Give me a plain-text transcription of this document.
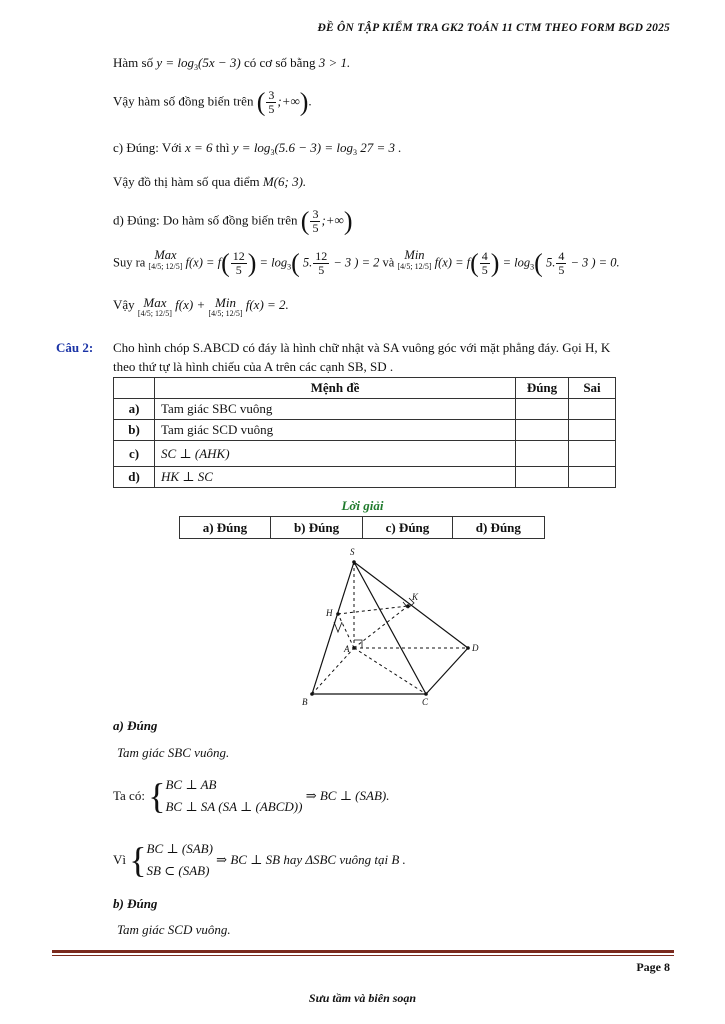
ĐỀ ÔN TẬP KIỂM TRA GK2 TOÁN 11 CTM THEO FORM BGD 2025
Hàm số $y = \log_3(5x - 3)$ có cơ số bằng 3 > 1.
Vậy hàm số đồng biến trên ( $\frac{3}{5}$ ;+∞).
c) Đúng: Với x = 6 thì $y = \log_3(5.6 - 3) = \log_3 27 = 3$ .
Vậy đồ thị hàm số qua điểm M(6; 3).
d) Đúng: Do hàm số đồng biến trên ( $\frac{3}{5}$ ;+∞)
Suy ra Max
[4/5; 12/5] $f(x) = f( \frac{12}{5}$ ) = $\log_3$( 5. $\frac{12}{5} - 3$ ) = 2 và Min
[4/5; 12/5] $f(x) = f( \frac{4}{5}$ ) = $\log_3$( 5. $\frac{4}{5} - 3$ ) = 0.
Vậy Max
[4/5; 12/5]
f(x) + Min
[4/5; 12/5]
f(x) = 2.
Câu 2: Cho hình chóp S.ABCD có đáy là hình chữ nhật và SA vuông góc với mặt phẳng đáy. Gọi H, K
theo thứ tự là hình chiếu của A trên các cạnh SB, SD .
	Mệnh đề	Đúng	Sai
a)	Tam giác SBC vuông		
b)	Tam giác SCD vuông		
c)	SC ⊥ (AHK)		
d)	HK ⊥ SC		
Lời giải
a) Đúng	b) Đúng	c) Đúng	d) Đúng
S
K
H
A	D
B	C
a) Đúng
Tam giác SBC vuông.
Ta có: { BC ⊥ AB
BC ⊥ SA (SA ⊥ (ABCD))
⇒ BC ⊥ (SAB).
Vì { BC ⊥ (SAB)
SB ⊂ (SAB)
⇒ BC ⊥ SB hay ΔSBC vuông tại B .
b) Đúng
Tam giác SCD vuông.
Page 8
Sưu tầm và biên soạn
